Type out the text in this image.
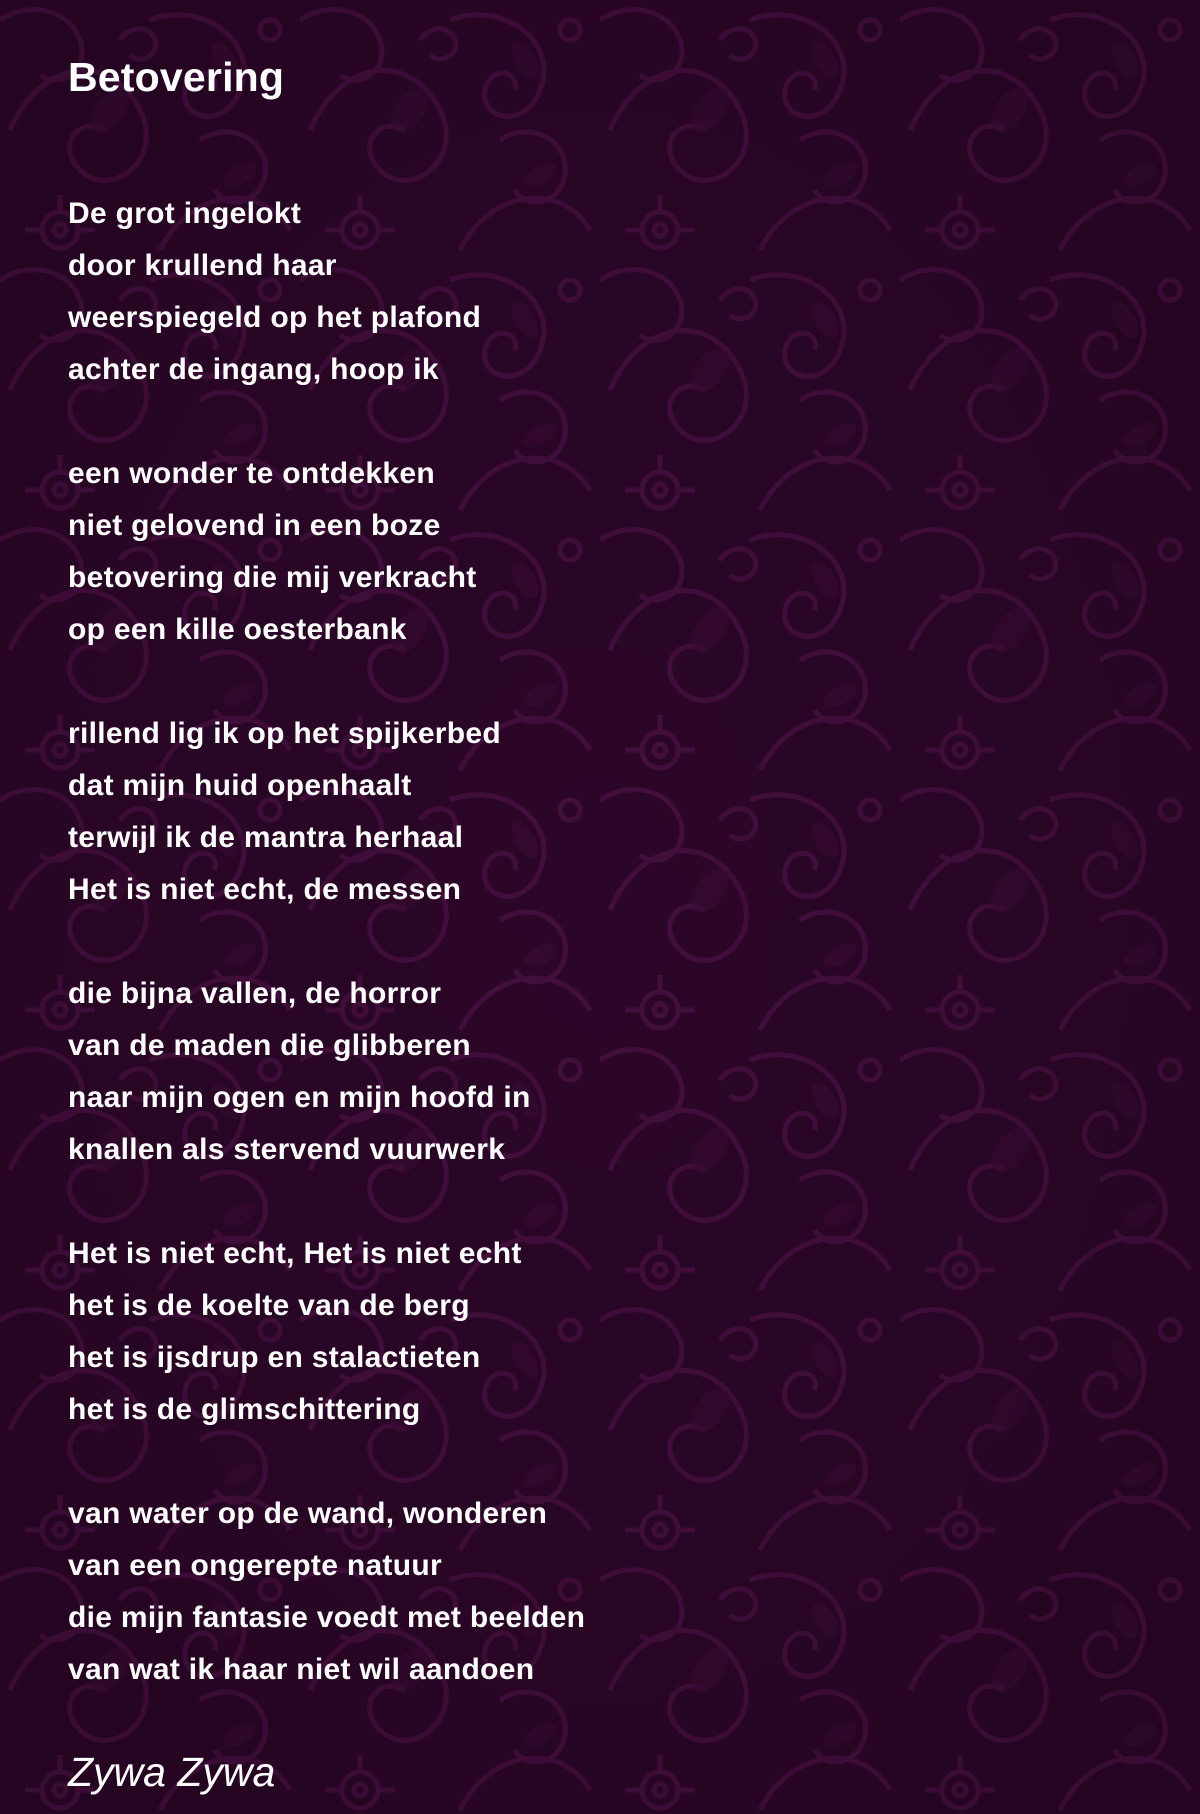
Betovering
De grot ingelokt
door krullend haar
weerspiegeld op het plafond
achter de ingang, hoop ik
een wonder te ontdekken
niet gelovend in een boze
betovering die mij verkracht
op een kille oesterbank
rillend lig ik op het spijkerbed
dat mijn huid openhaalt
terwijl ik de mantra herhaal
Het is niet echt, de messen
die bijna vallen, de horror
van de maden die glibberen
naar mijn ogen en mijn hoofd in
knallen als stervend vuurwerk
Het is niet echt, Het is niet echt
het is de koelte van de berg
het is ijsdrup en stalactieten
het is de glimschittering
van water op de wand, wonderen
van een ongerepte natuur
die mijn fantasie voedt met beelden
van wat ik haar niet wil aandoen
Zywa Zywa
